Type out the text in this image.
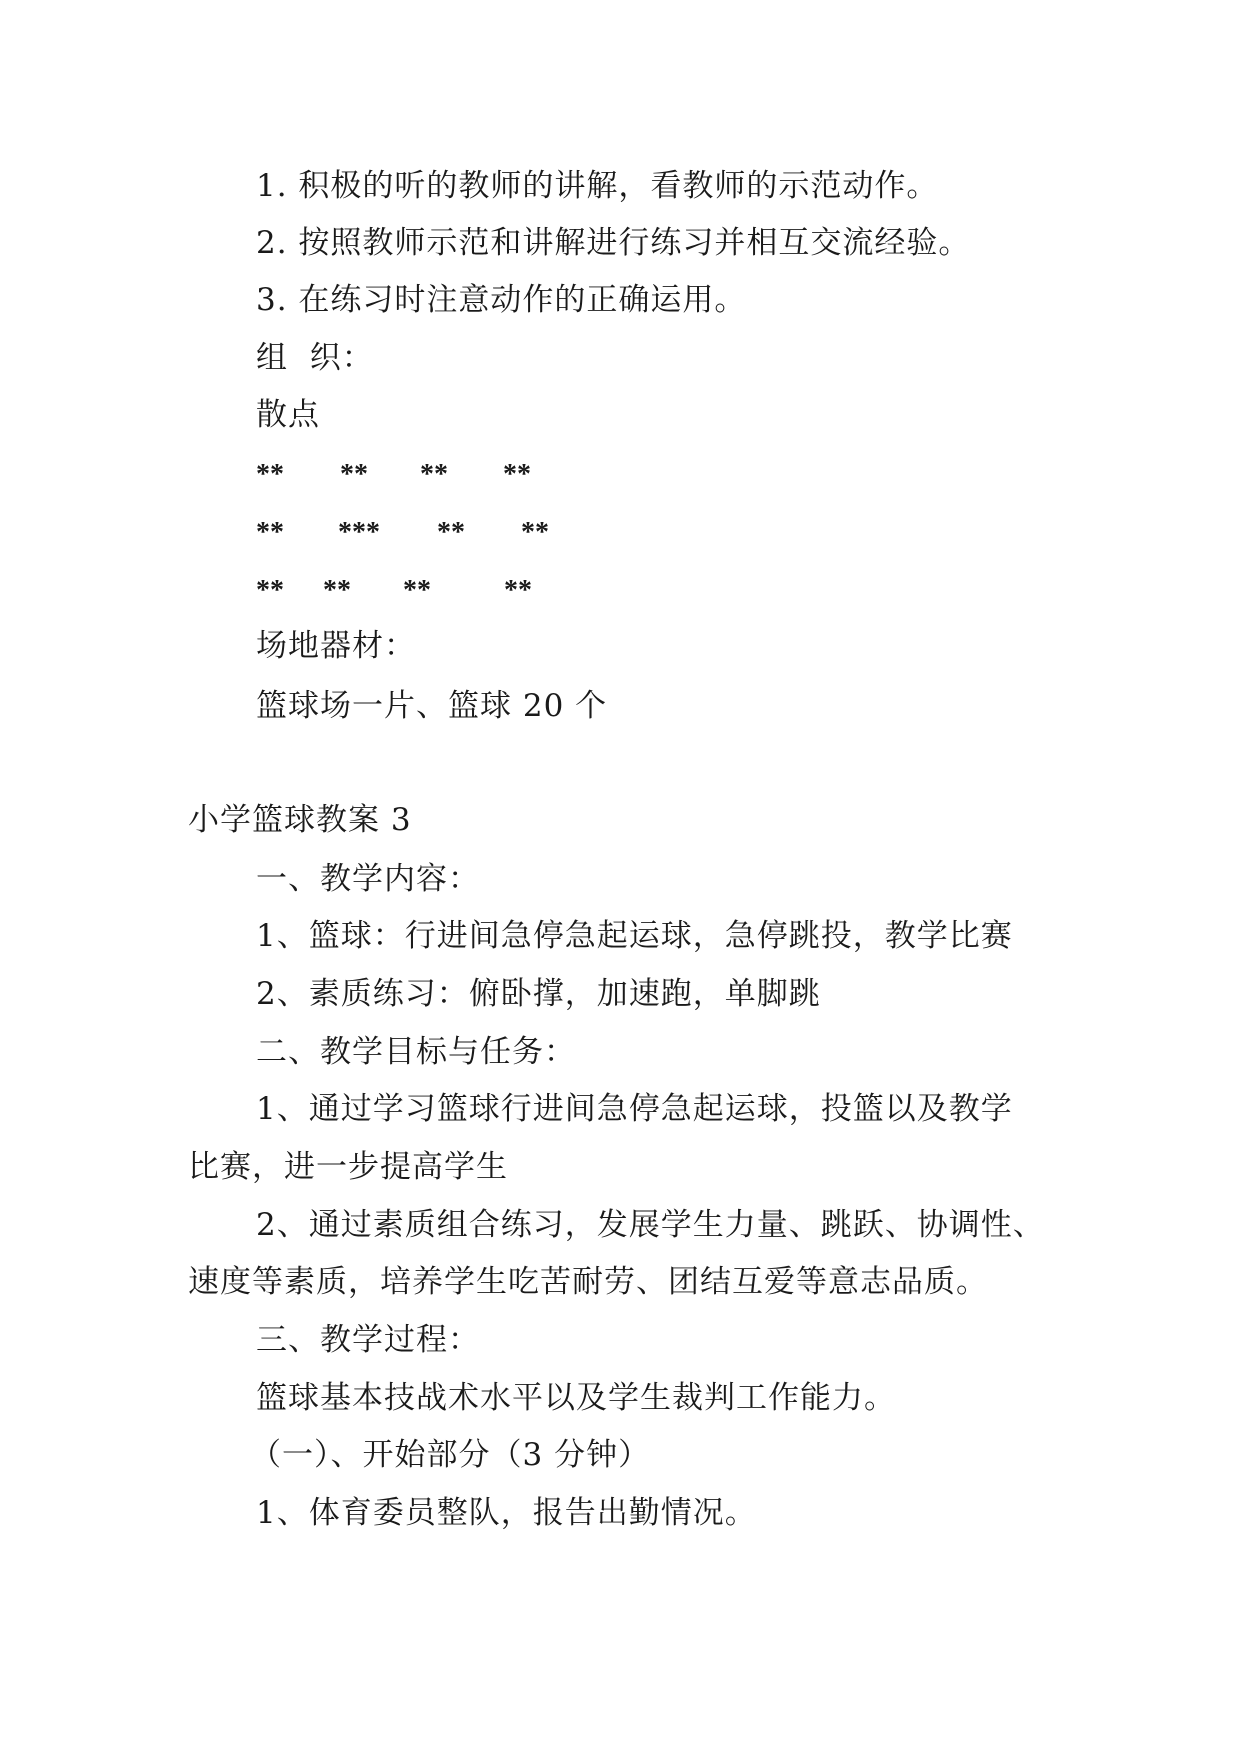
1. 积极的听的教师的讲解，看教师的示范动作。
2. 按照教师示范和讲解进行练习并相互交流经验。
3. 在练习时注意动作的正确运用。
组  织：
散点
** ** ** **
** *** ** **
** ** **	**
场地器材：
篮球场一片、篮球 20 个
小学篮球教案 3
一、教学内容：
1、篮球：行进间急停急起运球，急停跳投，教学比赛
2、素质练习：俯卧撑，加速跑，单脚跳
二、教学目标与任务：
1、通过学习篮球行进间急停急起运球，投篮以及教学
比赛，进一步提高学生
2、通过素质组合练习，发展学生力量、跳跃、协调性、
速度等素质，培养学生吃苦耐劳、团结互爱等意志品质。
三、教学过程：
篮球基本技战术水平以及学生裁判工作能力。
（一）、开始部分（3 分钟）
1、体育委员整队，报告出勤情况。
